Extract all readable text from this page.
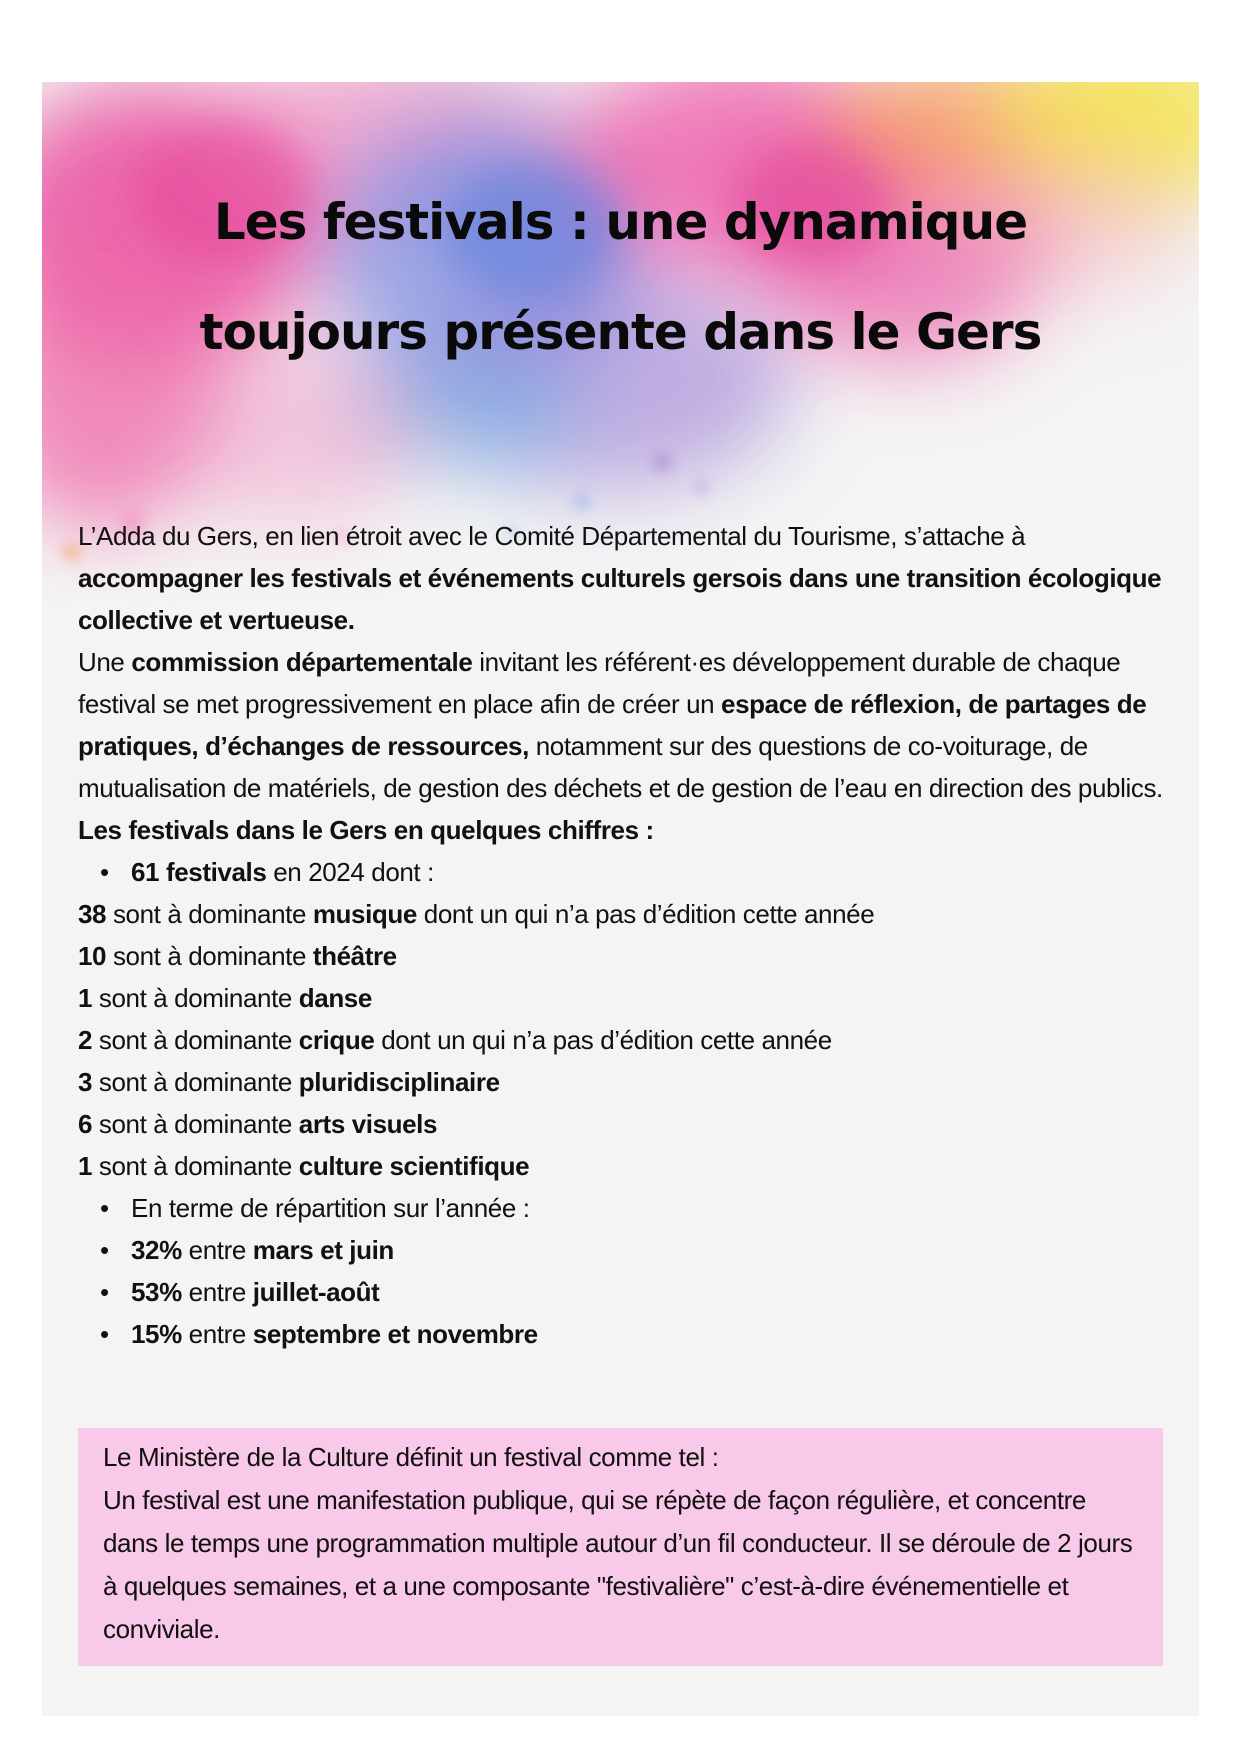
Les festivals : une dynamique
toujours présente dans le Gers

L’Adda du Gers, en lien étroit avec le Comité Départemental du Tourisme, s’attache à accompagner les festivals et événements culturels gersois dans une transition écologique collective et vertueuse.

Une commission départementale invitant les référent·es développement durable de chaque festival se met progressivement en place afin de créer un espace de réflexion, de partages de pratiques, d’échanges de ressources, notamment sur des questions de co-voiturage, de mutualisation de matériels, de gestion des déchets et de gestion de l’eau en direction des publics.

Les festivals dans le Gers en quelques chiffres :

• 61 festivals en 2024 dont :

38 sont à dominante musique dont un qui n’a pas d’édition cette année

10 sont à dominante théâtre

1 sont à dominante danse

2 sont à dominante crique dont un qui n’a pas d’édition cette année

3 sont à dominante pluridisciplinaire

6 sont à dominante arts visuels

1 sont à dominante culture scientifique

• En terme de répartition sur l’année :
• 32% entre mars et juin
• 53% entre juillet-août
• 15% entre septembre et novembre

Le Ministère de la Culture définit un festival comme tel :

Un festival est une manifestation publique, qui se répète de façon régulière, et concentre dans le temps une programmation multiple autour d’un fil conducteur. Il se déroule de 2 jours à quelques semaines, et a une composante "festivalière" c’est-à-dire événementielle et conviviale.
